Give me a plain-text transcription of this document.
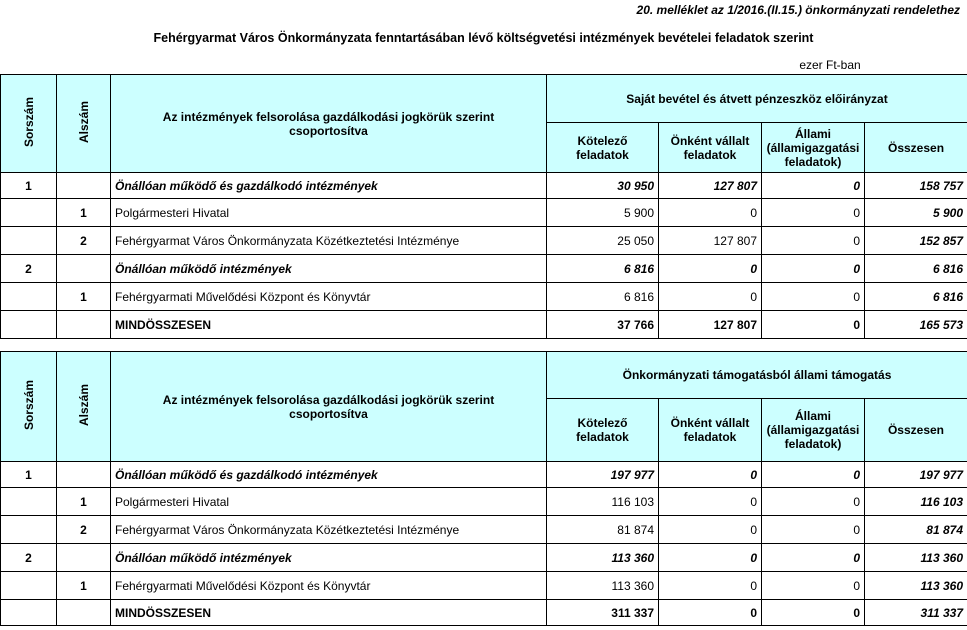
20. melléklet az 1/2016.(II.15.) önkormányzati rendelethez
Fehérgyarmat Város Önkormányzata fenntartásában lévő költségvetési intézmények bevételei feladatok szerint
ezer Ft-ban
Sorszám	Alszám	Az intézmények felsorolása gazdálkodási jogkörük szerint csoportosítva	Saját bevétel és átvett pénzeszköz előirányzat			
			Kötelező feladatok	Önként vállalt feladatok	Állami (államigazgatási feladatok)	Összesen
1		Önállóan működő és gazdálkodó intézmények	30 950	127 807	0	158 757
	1	Polgármesteri Hivatal	5 900	0	0	5 900
	2	Fehérgyarmat Város Önkormányzata Közétkeztetési Intézménye	25 050	127 807	0	152 857
2		Önállóan működő intézmények	6 816	0	0	6 816
	1	Fehérgyarmati Művelődési Központ és Könyvtár	6 816	0	0	6 816
		MINDÖSSZESEN	37 766	127 807	0	165 573
Sorszám	Alszám	Az intézmények felsorolása gazdálkodási jogkörük szerint csoportosítva	Önkormányzati támogatásból állami támogatás			
			Kötelező feladatok	Önként vállalt feladatok	Állami (államigazgatási feladatok)	Összesen
1		Önállóan működő és gazdálkodó intézmények	197 977	0	0	197 977
	1	Polgármesteri Hivatal	116 103	0	0	116 103
	2	Fehérgyarmat Város Önkormányzata Közétkeztetési Intézménye	81 874	0	0	81 874
2		Önállóan működő intézmények	113 360	0	0	113 360
	1	Fehérgyarmati Művelődési Központ és Könyvtár	113 360	0	0	113 360
		MINDÖSSZESEN	311 337	0	0	311 337
